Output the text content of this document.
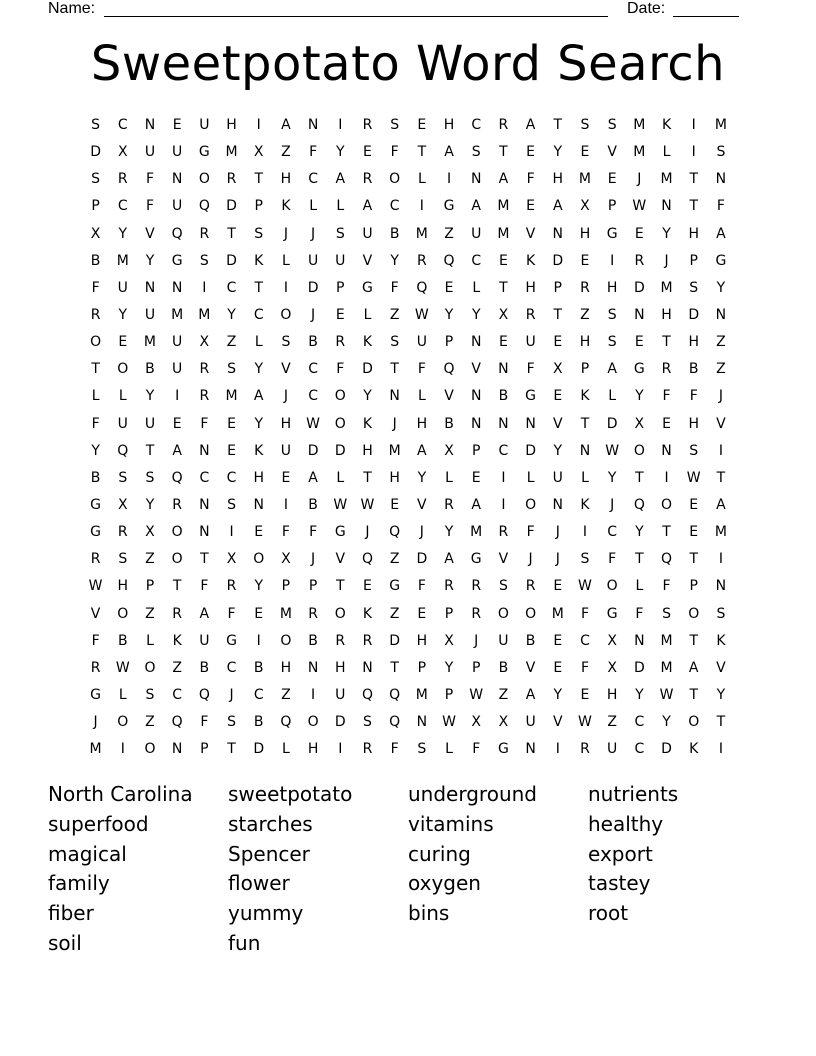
Name:	Date:
Sweetpotato Word Search
S	C	N	E	U	H	I	A	N	I	R	S	E	H	C	R	A	T	S	S	M	K	I	M
D	X	U	U	G	M	X	Z	F	Y	E	F	T	A	S	T	E	Y	E	V	M	L	I	S
S	R	F	N	O	R	T	H	C	A	R	O	L	I	N	A	F	H	M	E	J	M	T	N
P	C	F	U	Q	D	P	K	L	L	A	C	I	G	A	M	E	A	X	P	W	N	T	F
X	Y	V	Q	R	T	S	J	J	S	U	B	M	Z	U	M	V	N	H	G	E	Y	H	A
B	M	Y	G	S	D	K	L	U	U	V	Y	R	Q	C	E	K	D	E	I	R	J	P	G
F	U	N	N	I	C	T	I	D	P	G	F	Q	E	L	T	H	P	R	H	D	M	S	Y
R	Y	U	M	M	Y	C	O	J	E	L	Z	W	Y	Y	X	R	T	Z	S	N	H	D	N
O	E	M	U	X	Z	L	S	B	R	K	S	U	P	N	E	U	E	H	S	E	T	H	Z
T	O	B	U	R	S	Y	V	C	F	D	T	F	Q	V	N	F	X	P	A	G	R	B	Z
L	L	Y	I	R	M	A	J	C	O	Y	N	L	V	N	B	G	E	K	L	Y	F	F	J
F	U	U	E	F	E	Y	H	W	O	K	J	H	B	N	N	N	V	T	D	X	E	H	V
Y	Q	T	A	N	E	K	U	D	D	H	M	A	X	P	C	D	Y	N	W	O	N	S	I
B	S	S	Q	C	C	H	E	A	L	T	H	Y	L	E	I	L	U	L	Y	T	I	W	T
G	X	Y	R	N	S	N	I	B	W W	E	V	R	A	I	O	N	K	J	Q	O	E	A
G	R	X	O	N	I	E	F	F	G	J	Q	J	Y	M	R	F	J	I	C	Y	T	E	M
R	S	Z	O	T	X	O	X	J	V	Q	Z	D	A	G	V	J	J	S	F	T	Q	T	I
W	H	P	T	F	R	Y	P	P	T	E	G	F	R	R	S	R	E	W	O	L	F	P	N
V	O	Z	R	A	F	E	M	R	O	K	Z	E	P	R	O	O	M	F	G	F	S	O	S
F	B	L	K	U	G	I	O	B	R	R	D	H	X	J	U	B	E	C	X	N	M	T	K
R	W	O	Z	B	C	B	H	N	H	N	T	P	Y	P	B	V	E	F	X	D	M	A	V
G	L	S	C	Q	J	C	Z	I	U	Q	Q	M	P	W	Z	A	Y	E	H	Y	W	T	Y
J	O	Z	Q	F	S	B	Q	O	D	S	Q	N	W	X	X	U	V	W	Z	C	Y	O	T
M	I	O	N	P	T	D	L	H	I	R	F	S	L	F	G	N	I	R	U	C	D	K	I
North Carolina	sweetpotato	underground	nutrients
superfood	starches	vitamins	healthy
magical	Spencer	curing	export
family	flower	oxygen	tastey
fiber	yummy	bins	root
soil	fun
